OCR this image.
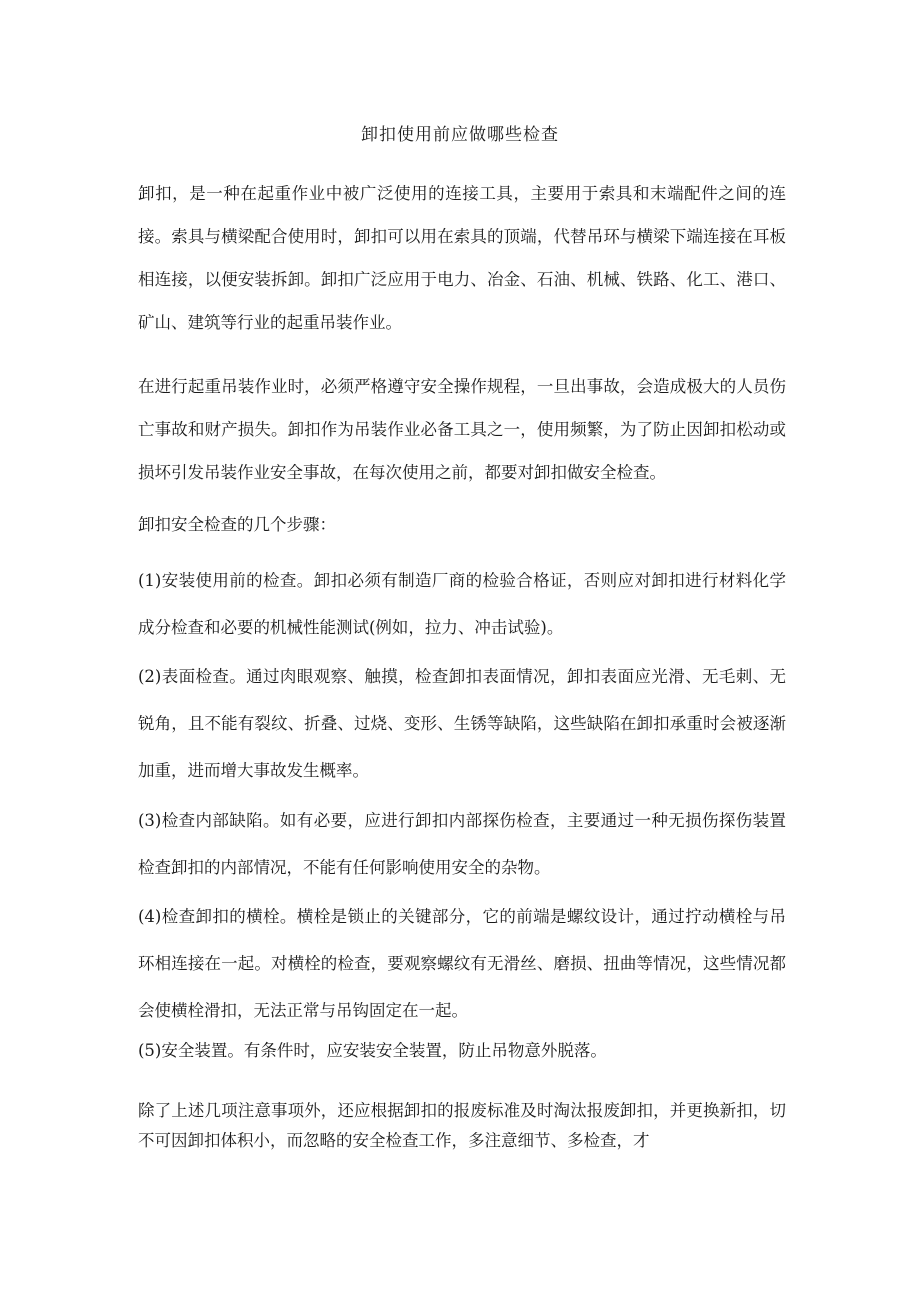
卸扣使用前应做哪些检查

卸扣，是一种在起重作业中被广泛使用的连接工具，主要用于索具和末端配件之间的连接。索具与横梁配合使用时，卸扣可以用在索具的顶端，代替吊环与横梁下端连接在耳板相连接，以便安装拆卸。卸扣广泛应用于电力、冶金、石油、机械、铁路、化工、港口、矿山、建筑等行业的起重吊装作业。

在进行起重吊装作业时，必须严格遵守安全操作规程，一旦出事故，会造成极大的人员伤亡事故和财产损失。卸扣作为吊装作业必备工具之一，使用频繁，为了防止因卸扣松动或损坏引发吊装作业安全事故，在每次使用之前，都要对卸扣做安全检查。

卸扣安全检查的几个步骤：

(1)安装使用前的检查。卸扣必须有制造厂商的检验合格证，否则应对卸扣进行材料化学成分检查和必要的机械性能测试(例如，拉力、冲击试验)。

(2)表面检查。通过肉眼观察、触摸，检查卸扣表面情况，卸扣表面应光滑、无毛刺、无锐角，且不能有裂纹、折叠、过烧、变形、生锈等缺陷，这些缺陷在卸扣承重时会被逐渐加重，进而增大事故发生概率。

(3)检查内部缺陷。如有必要，应进行卸扣内部探伤检查，主要通过一种无损伤探伤装置检查卸扣的内部情况，不能有任何影响使用安全的杂物。

(4)检查卸扣的横栓。横栓是锁止的关键部分，它的前端是螺纹设计，通过拧动横栓与吊环相连接在一起。对横栓的检查，要观察螺纹有无滑丝、磨损、扭曲等情况，这些情况都会使横栓滑扣，无法正常与吊钩固定在一起。

(5)安全装置。有条件时，应安装安全装置，防止吊物意外脱落。

除了上述几项注意事项外，还应根据卸扣的报废标准及时淘汰报废卸扣，并更换新扣，切不可因卸扣体积小，而忽略的安全检查工作，多注意细节、多检查，才
